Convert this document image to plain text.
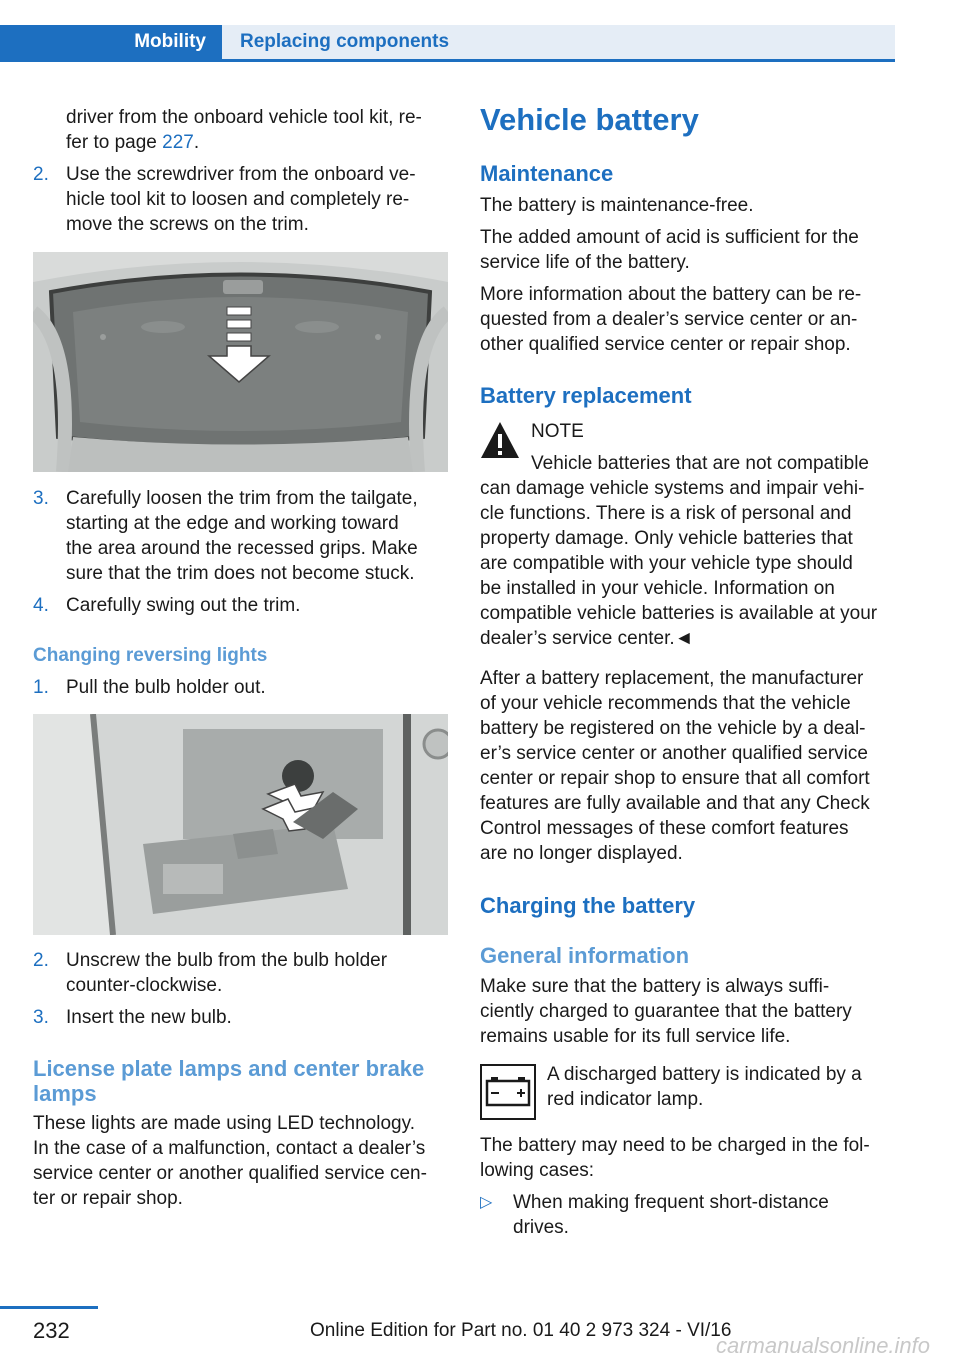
Mobility	Replacing components
driver from the onboard vehicle tool kit, re-
fer to page 227.
2. Use the screwdriver from the onboard ve-
hicle tool kit to loosen and completely re-
move the screws on the trim.
3. Carefully loosen the trim from the tailgate,
starting at the edge and working toward
the area around the recessed grips. Make
sure that the trim does not become stuck.
4. Carefully swing out the trim.
Changing reversing lights
1. Pull the bulb holder out.
2. Unscrew the bulb from the bulb holder
counter-clockwise.
3. Insert the new bulb.
License plate lamps and center brake
lamps
These lights are made using LED technology.
In the case of a malfunction, contact a dealer’s
service center or another qualified service cen-
ter or repair shop.
Vehicle battery
Maintenance
The battery is maintenance-free.
The added amount of acid is sufficient for the
service life of the battery.
More information about the battery can be re-
quested from a dealer’s service center or an-
other qualified service center or repair shop.
Battery replacement
NOTE
Vehicle batteries that are not compatible
can damage vehicle systems and impair vehi-
cle functions. There is a risk of personal and
property damage. Only vehicle batteries that
are compatible with your vehicle type should
be installed in your vehicle. Information on
compatible vehicle batteries is available at your
dealer’s service center.◄
After a battery replacement, the manufacturer
of your vehicle recommends that the vehicle
battery be registered on the vehicle by a deal-
er’s service center or another qualified service
center or repair shop to ensure that all comfort
features are fully available and that any Check
Control messages of these comfort features
are no longer displayed.
Charging the battery
General information
Make sure that the battery is always suffi-
ciently charged to guarantee that the battery
remains usable for its full service life.
A discharged battery is indicated by a
red indicator lamp.
The battery may need to be charged in the fol-
lowing cases:
▷ When making frequent short-distance
drives.
232	Online Edition for Part no. 01 40 2 973 324 - VI/16
carmanualsonline.info
